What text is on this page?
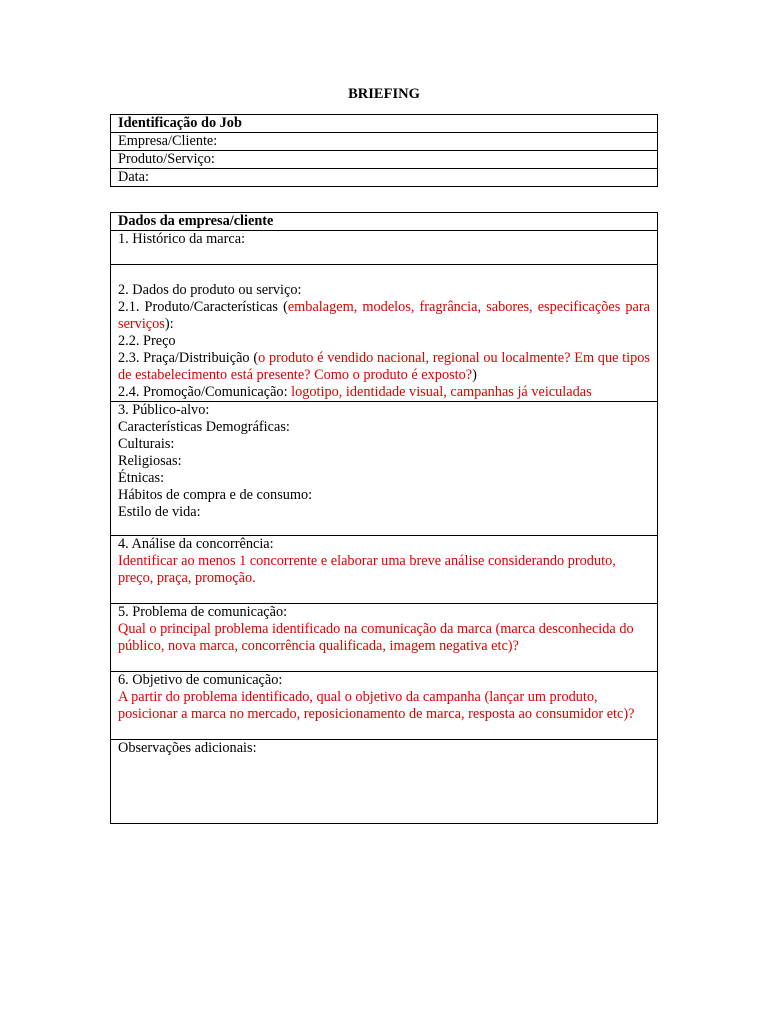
BRIEFING
Identificação do Job
Empresa/Cliente:
Produto/Serviço:
Data:
Dados da empresa/cliente
1. Histórico da marca:

2. Dados do produto ou serviço:
2.1. Produto/Características (embalagem, modelos, fragrância, sabores, especificações para serviços):
2.2. Preço
2.3. Praça/Distribuição (o produto é vendido nacional, regional ou localmente? Em que tipos de estabelecimento está presente? Como o produto é exposto?)
2.4. Promoção/Comunicação: logotipo, identidade visual, campanhas já veiculadas

3. Público-alvo:
Características Demográficas:
Culturais:
Religiosas:
Étnicas:
Hábitos de compra e de consumo:
Estilo de vida:

4. Análise da concorrência:
Identificar ao menos 1 concorrente e elaborar uma breve análise considerando produto, preço, praça, promoção.

5. Problema de comunicação:
Qual o principal problema identificado na comunicação da marca (marca desconhecida do público, nova marca, concorrência qualificada, imagem negativa etc)?

6. Objetivo de comunicação:
A partir do problema identificado, qual o objetivo da campanha (lançar um produto, posicionar a marca no mercado, reposicionamento de marca, resposta ao consumidor etc)?

Observações adicionais:
